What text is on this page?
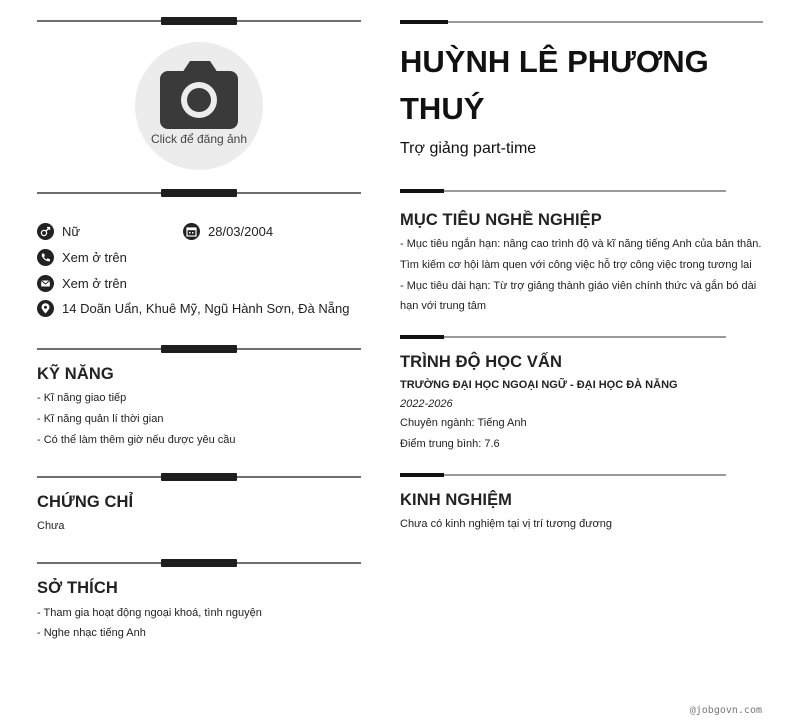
Click để đăng ảnh
Nữ	28/03/2004
Xem ở trên
Xem ở trên
14 Doãn Uẩn, Khuê Mỹ, Ngũ Hành Sơn, Đà Nẵng
KỸ NĂNG
- Kĩ năng giao tiếp
- Kĩ năng quản lí thời gian
- Có thể làm thêm giờ nếu được yêu cầu
CHỨNG CHỈ
Chưa
SỞ THÍCH
- Tham gia hoạt động ngoại khoá, tình nguyện
- Nghe nhạc tiếng Anh
HUỲNH LÊ PHƯƠNG THUÝ
Trợ giảng part-time
MỤC TIÊU NGHỀ NGHIỆP
- Mục tiêu ngắn hạn: nâng cao trình độ và kĩ năng tiếng Anh của bản thân.
Tìm kiếm cơ hội làm quen với công việc hỗ trợ công việc trong tương lai
- Mục tiêu dài hạn: Từ trợ giảng thành giáo viên chính thức và gắn bó dài
hạn với trung tâm
TRÌNH ĐỘ HỌC VẤN
TRƯỜNG ĐẠI HỌC NGOẠI NGỮ - ĐẠI HỌC ĐÀ NẴNG
2022-2026
Chuyên ngành: Tiếng Anh
Điểm trung bình: 7.6
KINH NGHIỆM
Chưa có kinh nghiệm tại vị trí tương đương
@jobgovn.com
